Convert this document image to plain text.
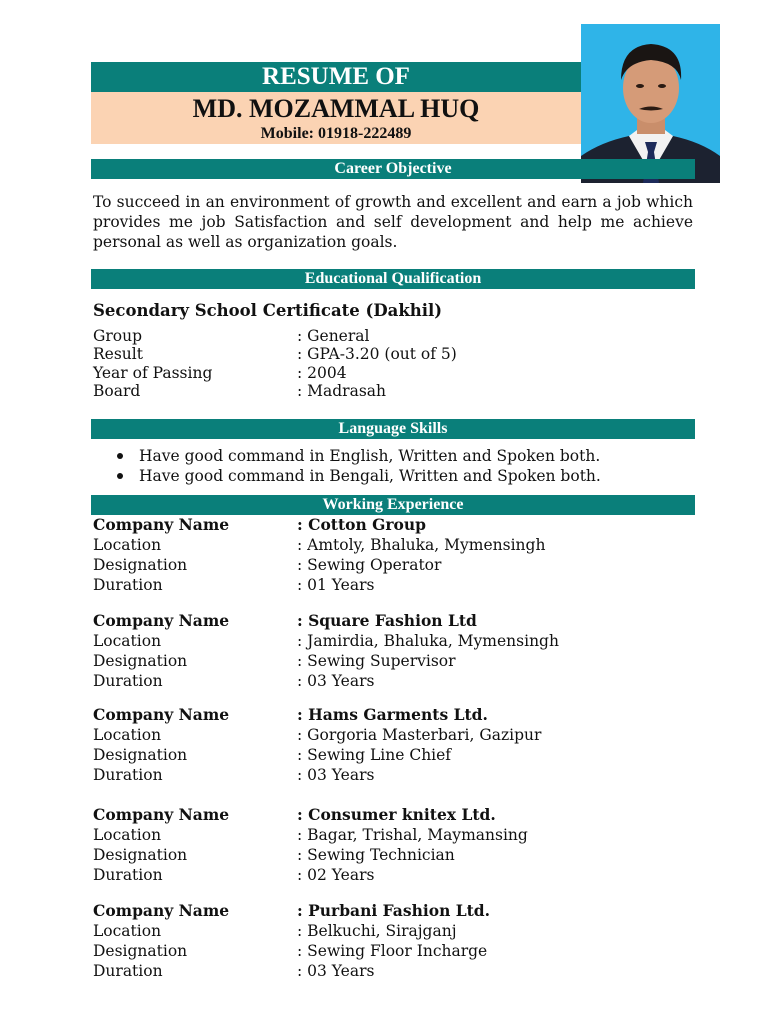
RESUME OF
MD. MOZAMMAL HUQ
Mobile: 01918-222489
Career Objective
To succeed in an environment of growth and excellent and earn a job which provides me job Satisfaction and self development and help me achieve personal as well as organization goals.
Educational Qualification
Secondary School Certificate (Dakhil)
Group	: General
Result	: GPA-3.20 (out of 5)
Year of Passing	: 2004
Board	: Madrasah
Language Skills
Have good command in English, Written and Spoken both.
Have good command in Bengali, Written and Spoken both.
Working Experience
Company Name	: Cotton Group
Location	: Amtoly, Bhaluka, Mymensingh
Designation	: Sewing Operator
Duration	: 01 Years
Company Name	: Square Fashion Ltd
Location	: Jamirdia, Bhaluka, Mymensingh
Designation	: Sewing Supervisor
Duration	: 03 Years
Company Name	: Hams Garments Ltd.
Location	: Gorgoria Masterbari, Gazipur
Designation	: Sewing Line Chief
Duration	: 03 Years
Company Name	: Consumer knitex Ltd.
Location	: Bagar, Trishal, Maymansing
Designation	: Sewing Technician
Duration	: 02 Years
Company Name	: Purbani Fashion Ltd.
Location	: Belkuchi, Sirajganj
Designation	: Sewing Floor Incharge
Duration	: 03 Years
